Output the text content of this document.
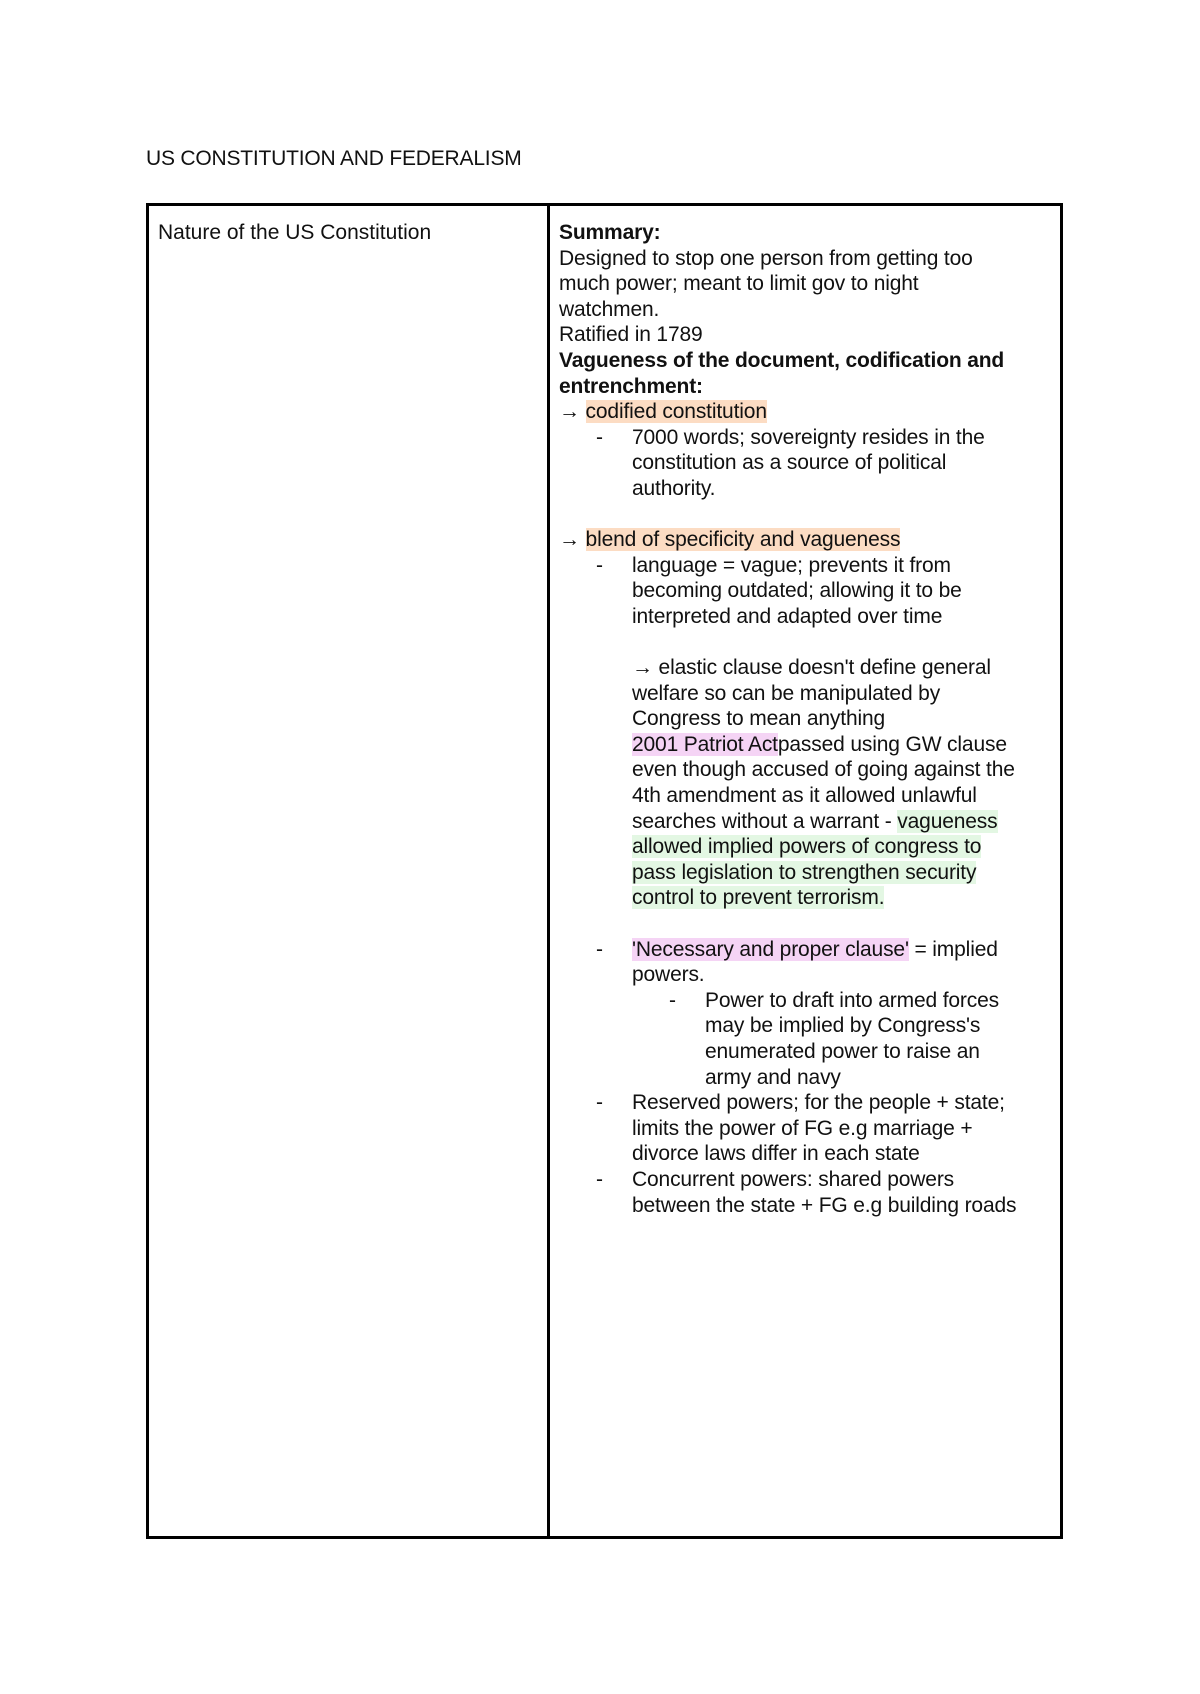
US CONSTITUTION AND FEDERALISM
Nature of the US Constitution	Summary:
Designed to stop one person from getting too
much power; meant to limit gov to night
watchmen.
Ratified in 1789
Vagueness of the document, codification and
entrenchment:
→ codified constitution
- 7000 words; sovereignty resides in the
constitution as a source of political
authority.
→ blend of specificity and vagueness
- language = vague; prevents it from
becoming outdated; allowing it to be
interpreted and adapted over time
→ elastic clause doesn't define general
welfare so can be manipulated by
Congress to mean anything
2001 Patriot Actpassed using GW clause
even though accused of going against the
4th amendment as it allowed unlawful
searches without a warrant - vagueness
allowed implied powers of congress to
pass legislation to strengthen security
control to prevent terrorism.
- 'Necessary and proper clause' = implied
powers.
- Power to draft into armed forces
may be implied by Congress's
enumerated power to raise an
army and navy
- Reserved powers; for the people + state;
limits the power of FG e.g marriage +
divorce laws differ in each state
- Concurrent powers: shared powers
between the state + FG e.g building roads
